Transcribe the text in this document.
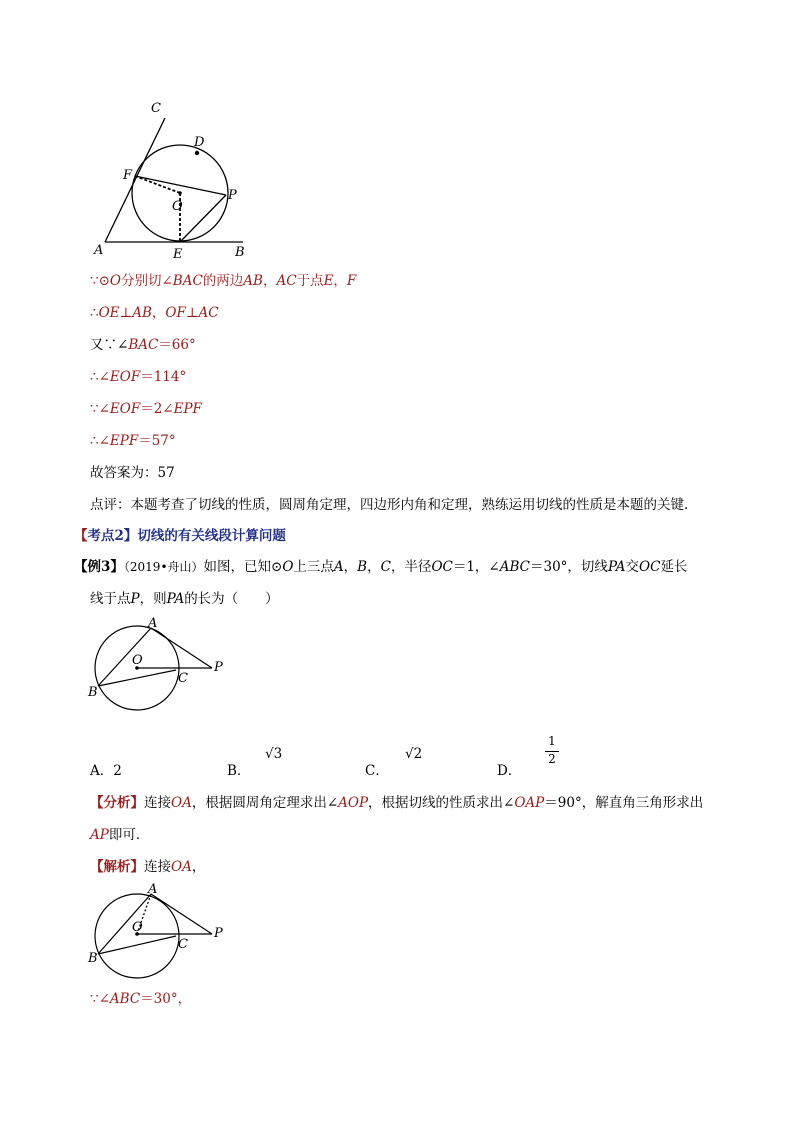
C
D
F
P
O
A	E	B
∵⊙O分别切∠BAC的两边AB，AC于点E，F
∴OE⊥AB，OF⊥AC
又∵∠BAC＝66°
∴∠EOF＝114°
∵∠EOF＝2∠EPF
∴∠EPF＝57°
故答案为：57
点评：本题考查了切线的性质，圆周角定理，四边形内角和定理，熟练运用切线的性质是本题的关键．
【考点2】切线的有关线段计算问题
【例3】（2019•舟山）如图，已知⊙O上三点A，B，C，半径OC＝1，∠ABC＝30°，切线PA交OC延长
线于点P，则PA的长为（　　）
A
O	P
C
B
A．2	B．
√3
C．
√2
D．
1
2
【分析】连接OA，根据圆周角定理求出∠AOP，根据切线的性质求出∠OAP＝90°，解直角三角形求出
AP即可．
【解析】连接OA，
A
O	P
C
B
∵∠ABC＝30°，
